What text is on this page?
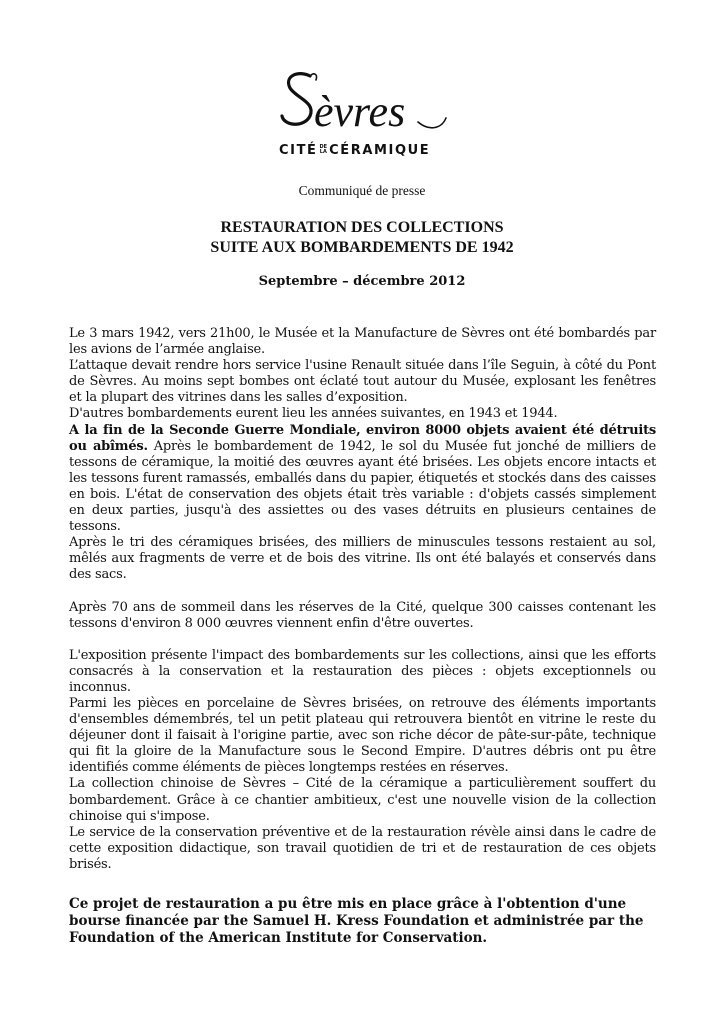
èvres
CITÉ DE
LA CÉRAMIQUE
Communiqué de presse
RESTAURATION DES COLLECTIONS
SUITE AUX BOMBARDEMENTS DE 1942
Septembre – décembre 2012

Le 3 mars 1942, vers 21h00, le Musée et la Manufacture de Sèvres ont été bombardés par les avions de l’armée anglaise.

L’attaque devait rendre hors service l'usine Renault située dans l’île Seguin, à côté du Pont de Sèvres. Au moins sept bombes ont éclaté tout autour du Musée, explosant les fenêtres et la plupart des vitrines dans les salles d’exposition.

D'autres bombardements eurent lieu les années suivantes, en 1943 et 1944.

A la fin de la Seconde Guerre Mondiale, environ 8000 objets avaient été détruits ou abîmés. Après le bombardement de 1942, le sol du Musée fut jonché de milliers de tessons de céramique, la moitié des œuvres ayant été brisées. Les objets encore intacts et les tessons furent ramassés, emballés dans du papier, étiquetés et stockés dans des caisses en bois. L'état de conservation des objets était très variable : d'objets cassés simplement en deux parties, jusqu'à des assiettes ou des vases détruits en plusieurs centaines de tessons.

Après le tri des céramiques brisées, des milliers de minuscules tessons restaient au sol, mêlés aux fragments de verre et de bois des vitrine. Ils ont été balayés et conservés dans des sacs.

Après 70 ans de sommeil dans les réserves de la Cité, quelque 300 caisses contenant les tessons d'environ 8 000 œuvres viennent enfin d'être ouvertes.

L'exposition présente l'impact des bombardements sur les collections, ainsi que les efforts consacrés à la conservation et la restauration des pièces : objets exceptionnels ou inconnus.

Parmi les pièces en porcelaine de Sèvres brisées, on retrouve des éléments importants d'ensembles démembrés, tel un petit plateau qui retrouvera bientôt en vitrine le reste du déjeuner dont il faisait à l'origine partie, avec son riche décor de pâte-sur-pâte, technique qui fit la gloire de la Manufacture sous le Second Empire. D'autres débris ont pu être identifiés comme éléments de pièces longtemps restées en réserves.

La collection chinoise de Sèvres – Cité de la céramique a particulièrement souffert du bombardement. Grâce à ce chantier ambitieux, c'est une nouvelle vision de la collection chinoise qui s'impose.

Le service de la conservation préventive et de la restauration révèle ainsi dans le cadre de cette exposition didactique, son travail quotidien de tri et de restauration de ces objets brisés.

Ce projet de restauration a pu être mis en place grâce à l'obtention d'une bourse financée par the Samuel H. Kress Foundation et administrée par the Foundation of the American Institute for Conservation.
